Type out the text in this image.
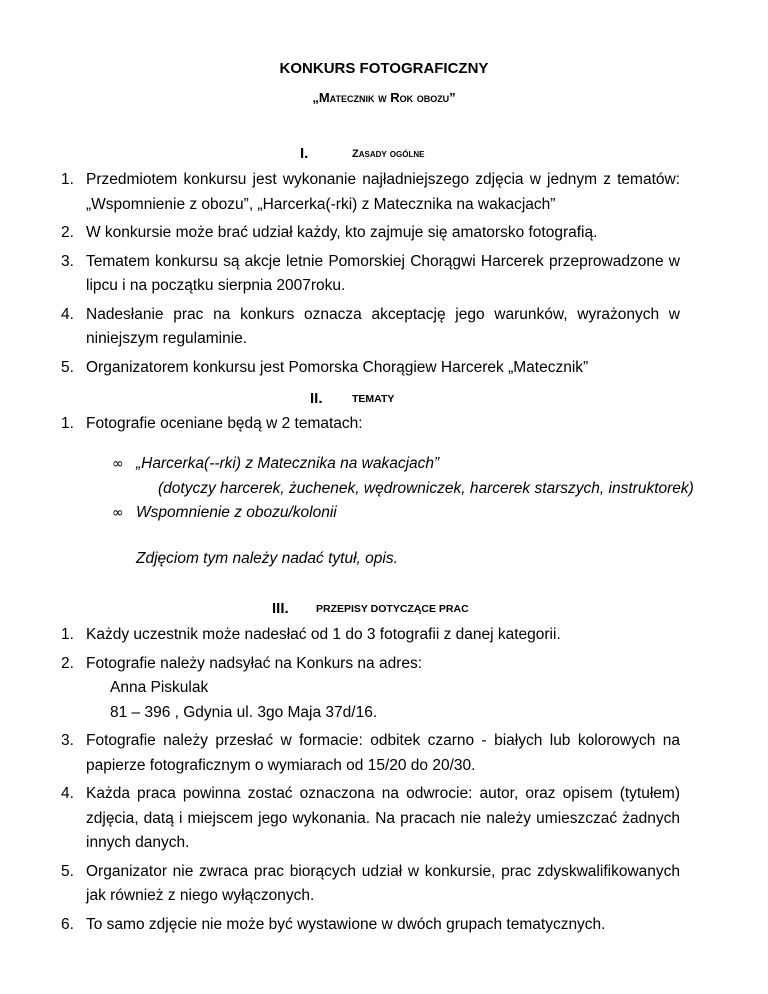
KONKURS FOTOGRAFICZNY
„Matecznik w Rok obozu”
I.	Zasady ogólne
1. Przedmiotem konkursu jest wykonanie najładniejszego zdjęcia w jednym z tematów: „Wspomnienie z obozu”, „Harcerka(-rki) z Matecznika na wakacjach”
2. W konkursie może brać udział każdy, kto zajmuje się amatorsko fotografią.
3. Tematem konkursu są akcje letnie Pomorskiej Chorągwi Harcerek przeprowadzone w lipcu i na początku sierpnia 2007roku.
4. Nadesłanie prac na konkurs oznacza akceptację jego warunków, wyrażonych w niniejszym regulaminie.
5. Organizatorem konkursu jest Pomorska Chorągiew Harcerek „Matecznik”
II.	TEMATY
1. Fotografie oceniane będą w 2 tematach:
∞ „Harcerka(--rki) z Matecznika na wakacjach”
(dotyczy harcerek, żuchenek, wędrowniczek, harcerek starszych, instruktorek)
∞ Wspomnienie z obozu/kolonii
Zdjęciom tym należy nadać tytuł, opis.
III.	PRZEPISY DOTYCZĄCE PRAC
1. Każdy uczestnik może nadesłać od 1 do 3 fotografii z danej kategorii.
2. Fotografie należy nadsyłać na Konkurs na adres:
Anna Piskulak
81 – 396 , Gdynia ul. 3go Maja 37d/16.
3. Fotografie należy przesłać w formacie: odbitek czarno - białych lub kolorowych na papierze fotograficznym o wymiarach od 15/20 do 20/30.
4. Każda praca powinna zostać oznaczona na odwrocie: autor, oraz opisem (tytułem) zdjęcia, datą i miejscem jego wykonania. Na pracach nie należy umieszczać żadnych innych danych.
5. Organizator nie zwraca prac biorących udział w konkursie, prac zdyskwalifikowanych jak również z niego wyłączonych.
6. To samo zdjęcie nie może być wystawione w dwóch grupach tematycznych.
